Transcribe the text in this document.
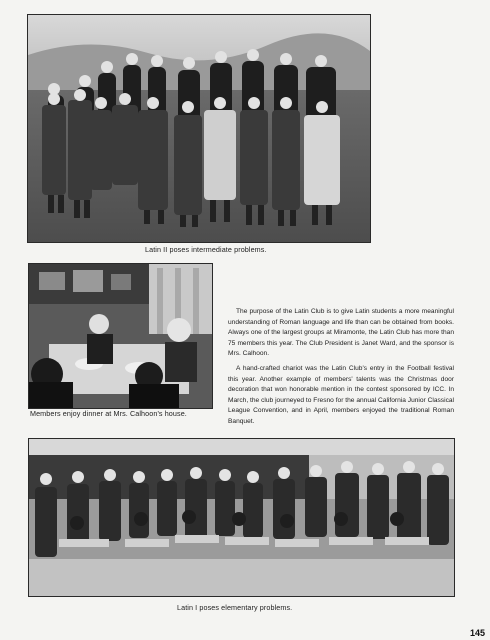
Latin II poses intermediate problems.
Members enjoy dinner at Mrs. Calhoon's house.

The purpose of the Latin Club is to give Latin students a more meaningful understanding of Roman language and life than can be obtained from books. Always one of the largest groups at Miramonte, the Latin Club has more than 75 members this year. The Club President is Janet Ward, and the sponsor is Mrs. Calhoon.

A hand-crafted chariot was the Latin Club's entry in the Football festival this year. Another example of members' talents was the Christmas door decoration that won honorable mention in the contest sponsored by ICC. In March, the club journeyed to Fresno for the annual California Junior Classical League Convention, and in April, members enjoyed the traditional Roman Banquet.

Latin I poses elementary problems.
145
